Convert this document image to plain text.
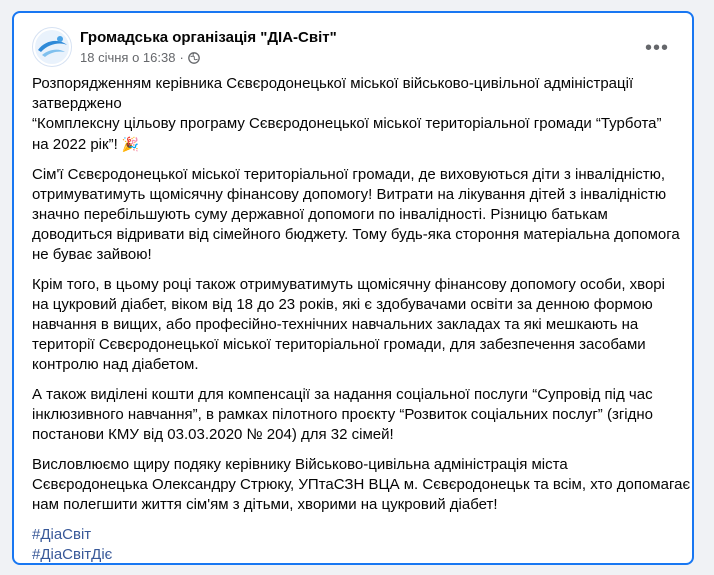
Громадська організація "ДІА-Світ"
18 січня о 16:38 ·	•••
Розпорядженням керівника Сєвєродонецької міської військово-цивільної адміністрації
затверджено
“Комплексну цільову програму Сєвєродонецької міської територіальної громади “Турбота”
на 2022 рік”! 🎉
Сім'ї Сєвєродонецької міської територіальної громади, де виховуються діти з інвалідністю,
отримуватимуть щомісячну фінансову допомогу! Витрати на лікування дітей з інвалідністю
значно перебільшують суму державної допомоги по інвалідності. Різницю батькам
доводиться відривати від сімейного бюджету. Тому будь-яка стороння матеріальна допомога
не буває зайвою!
Крім того, в цьому році також отримуватимуть щомісячну фінансову допомогу особи, хворі
на цукровий діабет, віком від 18 до 23 років, які є здобувачами освіти за денною формою
навчання в вищих, або професійно-технічних навчальних закладах та які мешкають на
території Сєвєродонецької міської територіальної громади, для забезпечення засобами
контролю над діабетом.
А також виділені кошти для компенсації за надання соціальної послуги “Супровід під час
інклюзивного навчання”, в рамках пілотного проєкту “Розвиток соціальних послуг” (згідно
постанови КМУ від 03.03.2020 № 204) для 32 сімей!
Висловлюємо щиру подяку керівнику Військово-цивільна адміністрація міста
Сєвєродонецька Олександру Стрюку, УПтаСЗН ВЦА м. Сєвєродонецьк та всім, хто допомагає
нам полегшити життя сім'ям з дітьми, хворими на цукровий діабет!
#ДіаСвіт
#ДіаСвітДіє
